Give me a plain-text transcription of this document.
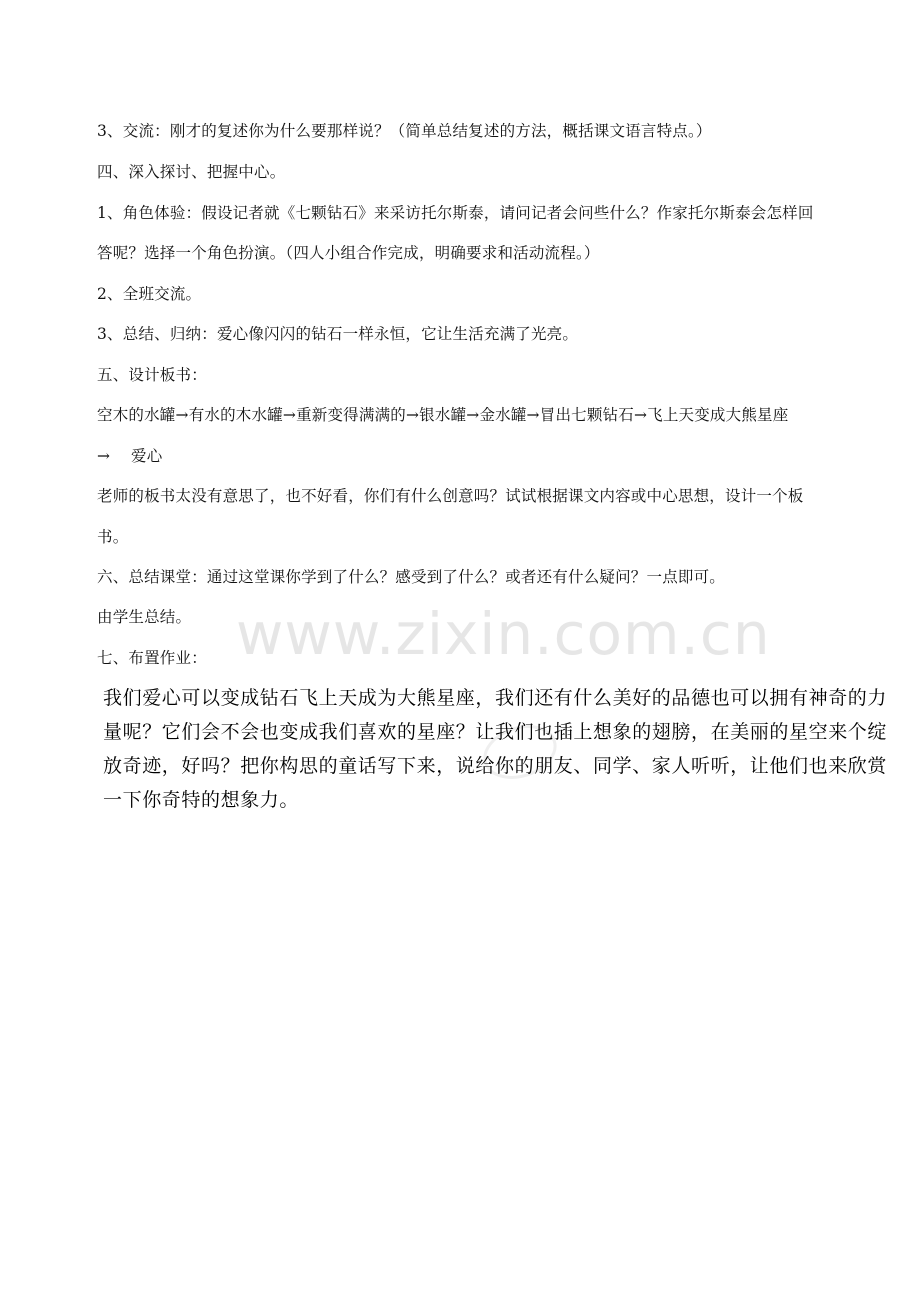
www.zixin.com.cn
3、交流：刚才的复述你为什么要那样说？（简单总结复述的方法，概括课文语言特点。）
四、深入探讨、把握中心。
1、角色体验：假设记者就《七颗钻石》来采访托尔斯泰，请问记者会问些什么？作家托尔斯泰会怎样回
答呢？选择一个角色扮演。（四人小组合作完成，明确要求和活动流程。）
2、全班交流。
3、总结、归纳：爱心像闪闪的钻石一样永恒，它让生活充满了光亮。
五、设计板书：
空木的水罐→有水的木水罐→重新变得满满的→银水罐→金水罐→冒出七颗钻石→飞上天变成大熊星座
→　 爱心
老师的板书太没有意思了，也不好看，你们有什么创意吗？试试根据课文内容或中心思想，设计一个板
书。
六、总结课堂：通过这堂课你学到了什么？感受到了什么？或者还有什么疑问？一点即可。
由学生总结。
七、布置作业：
我们爱心可以变成钻石飞上天成为大熊星座，我们还有什么美好的品德也可以拥有神奇的力
量呢？它们会不会也变成我们喜欢的星座？让我们也插上想象的翅膀，在美丽的星空来个绽
放奇迹，好吗？把你构思的童话写下来，说给你的朋友、同学、家人听听，让他们也来欣赏
一下你奇特的想象力。
